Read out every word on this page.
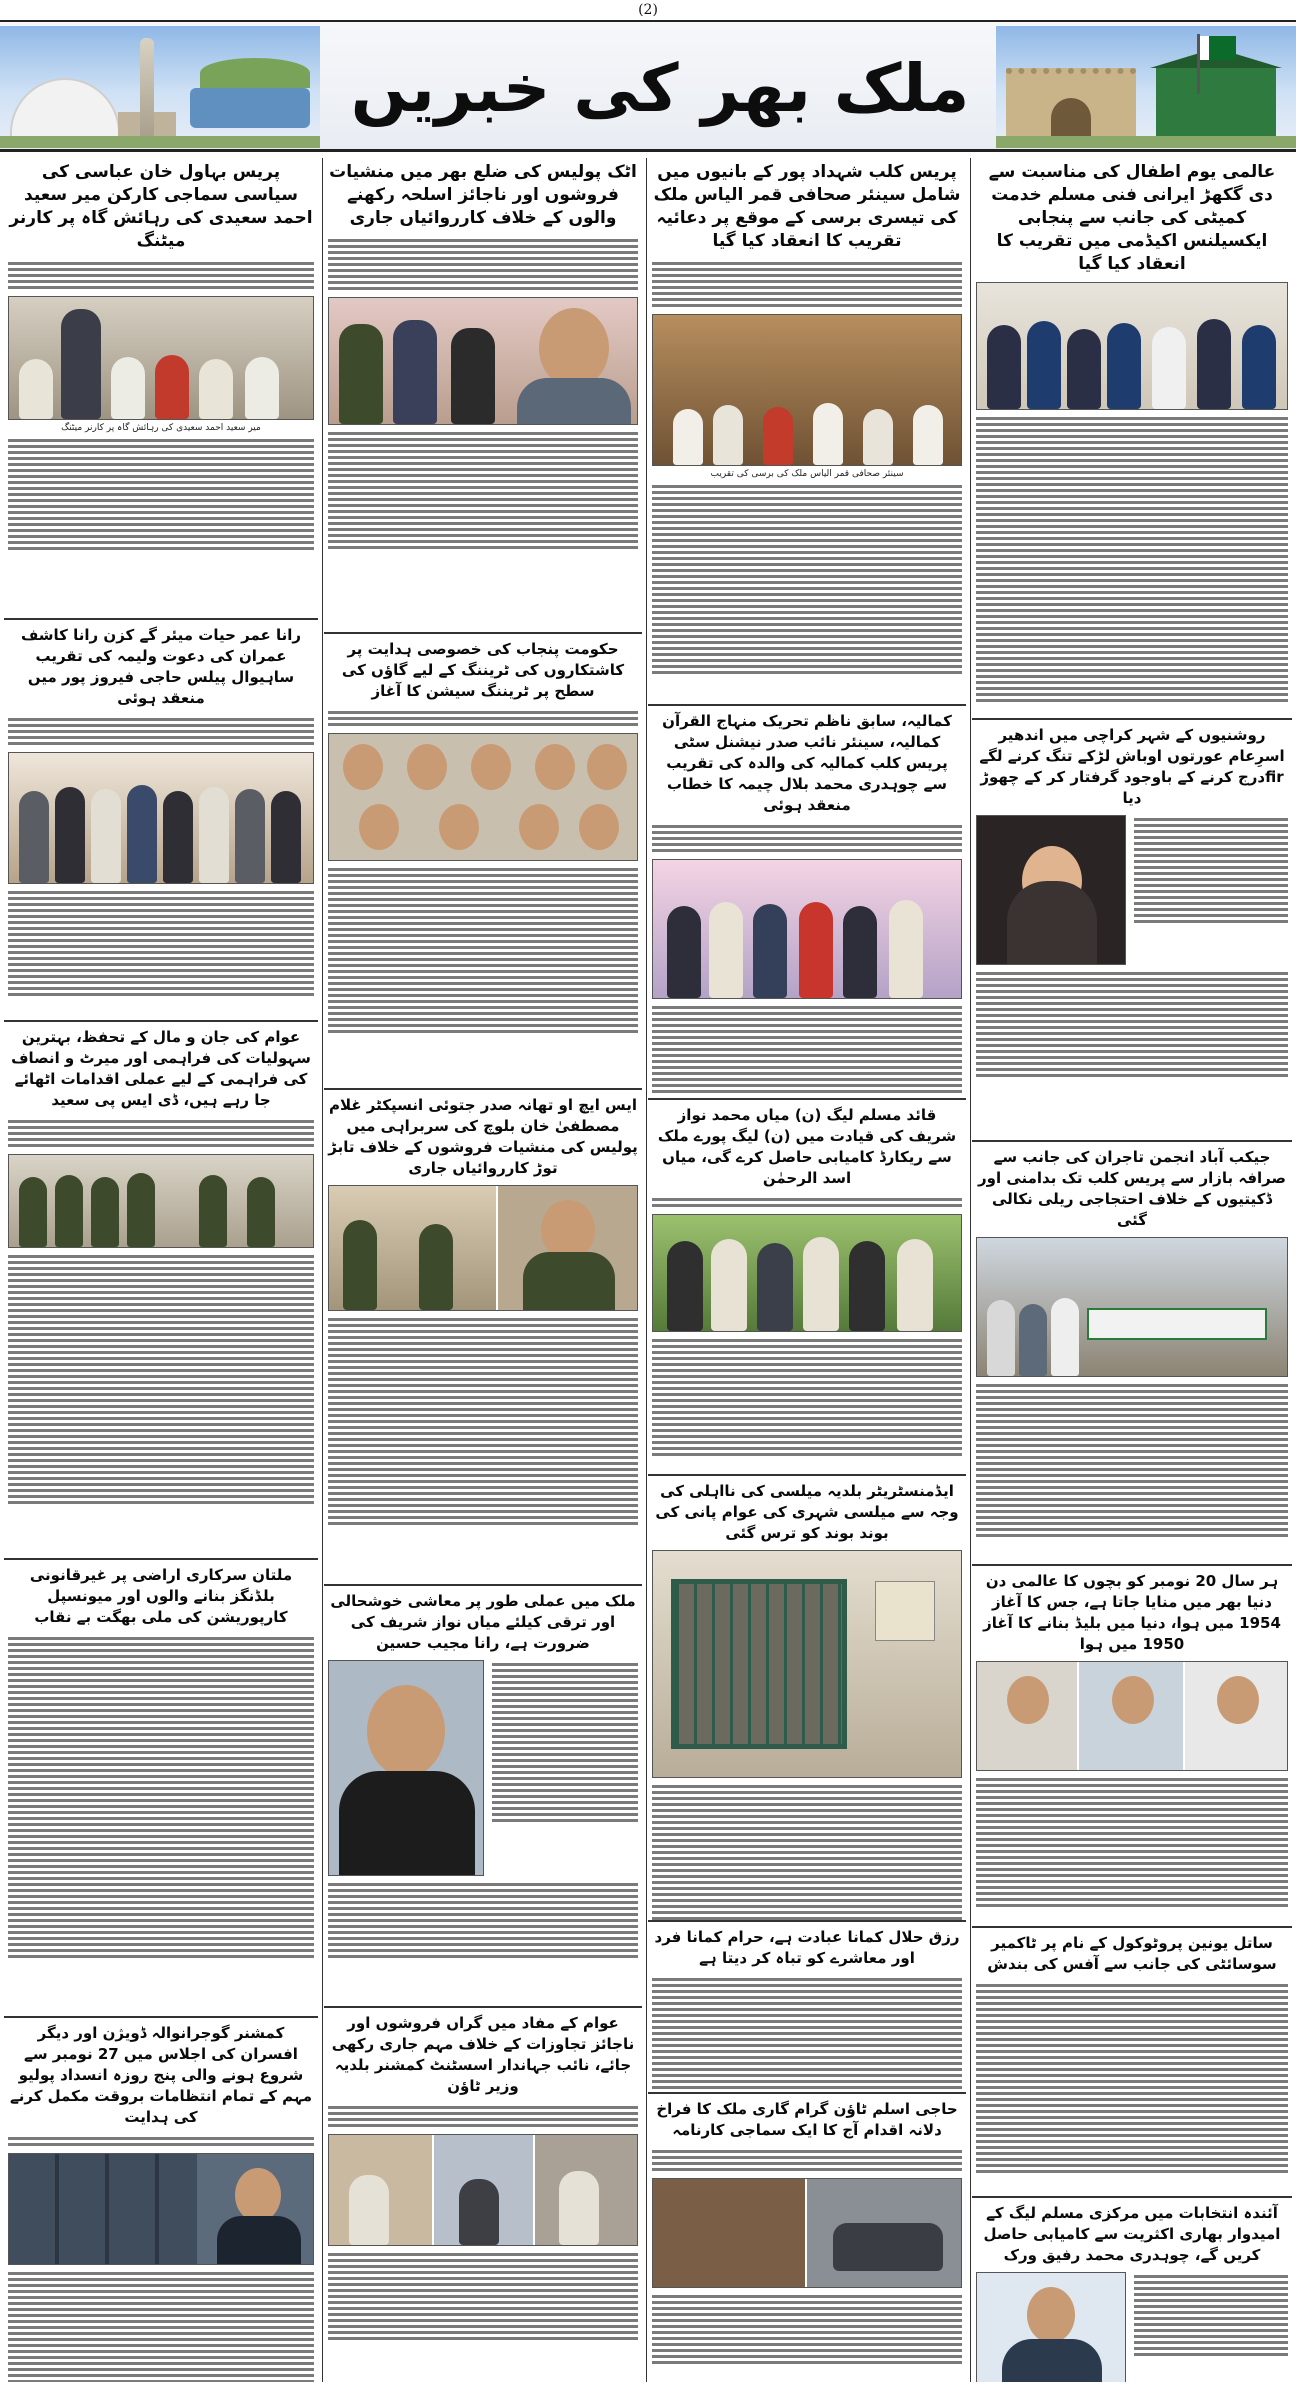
(2)
ملک بھر کی خبریں
عالمی یوم اطفال کی مناسبت سے دی گکھڑ ایرانی فنی مسلم خدمت کمیٹی کی جانب سے پنجابی ایکسیلنس اکیڈمی میں تقریب کا انعقاد کیا گیا
روشنیوں کے شہر کراچی میں اندھیر اسرِعام عورتوں اوباش لڑکے تنگ کرنے لگے firدرج کرنے کے باوجود گرفتار کر کے چھوڑ دیا
جیکب آباد انجمن تاجران کی جانب سے صرافہ بازار سے پریس کلب تک بدامنی اور ڈکیتیوں کے خلاف احتجاجی ریلی نکالی گئی
ہر سال 20 نومبر کو بچوں کا عالمی دن دنیا بھر میں منایا جاتا ہے، جس کا آغاز 1954 میں ہوا، دنیا میں بلیڈ بنانے کا آغاز 1950 میں ہوا
ساتل یونین پروٹوکول کے نام پر ٹاکمیر سوسائٹی کی جانب سے آفس کی بندش
آئندہ انتخابات میں مرکزی مسلم لیگ کے امیدوار بھاری اکثریت سے کامیابی حاصل کریں گے، چوہدری محمد رفیق ورک
پریس کلب شہداد پور کے بانیوں میں شامل سینئر صحافی قمر الیاس ملک کی تیسری برسی کے موقع پر دعائیہ تقریب کا انعقاد کیا گیا
سینئر صحافی قمر الیاس ملک کی برسی کی تقریب
کمالیہ، سابق ناظم تحریک منہاج القرآن کمالیہ، سینئر نائب صدر نیشنل سٹی پریس کلب کمالیہ کی والدہ کی تقریب سے چوہدری محمد بلال چیمہ کا خطاب منعقد ہوئی
قائد مسلم لیگ (ن) میاں محمد نواز شریف کی قیادت میں (ن) لیگ پورے ملک سے ریکارڈ کامیابی حاصل کرے گی، میاں اسد الرحمٰن
ایڈمنسٹریٹر بلدیہ میلسی کی نااہلی کی وجہ سے میلسی شہری کی عوام پانی کی بوند بوند کو ترس گئی
رزق حلال کمانا عبادت ہے، حرام کمانا فرد اور معاشرے کو تباہ کر دیتا ہے
حاجی اسلم ٹاؤن گرام گاری ملک کا فراخ دلانہ اقدام آج کا ایک سماجی کارنامہ
اٹک پولیس کی ضلع بھر میں منشیات فروشوں اور ناجائز اسلحہ رکھنے والوں کے خلاف کارروائیاں جاری
حکومت پنجاب کی خصوصی ہدایت پر کاشتکاروں کی ٹریننگ کے لیے گاؤں کی سطح پر ٹریننگ سیشن کا آغاز
ایس ایچ او تھانہ صدر جتوئی انسپکٹر غلام مصطفیٰ خان بلوچ کی سربراہی میں پولیس کی منشیات فروشوں کے خلاف تابڑ توڑ کارروائیاں جاری
ملک میں عملی طور پر معاشی خوشحالی اور ترقی کیلئے میاں نواز شریف کی ضرورت ہے، رانا مجیب حسین
عوام کے مفاد میں گراں فروشوں اور ناجائز تجاوزات کے خلاف مہم جاری رکھی جائے، نائب جہاندار اسسٹنٹ کمشنر بلدیہ وزیر ٹاؤن
پریس بہاول خان عباسی کی سیاسی سماجی کارکن میر سعید احمد سعیدی کی رہائش گاہ پر کارنر میٹنگ
میر سعید احمد سعیدی کی رہائش گاہ پر کارنر میٹنگ
رانا عمر حیات میئر گے کزن رانا کاشف عمران کی دعوت ولیمہ کی تقریب ساہیوال پیلس حاجی فیروز پور میں منعقد ہوئی
عوام کی جان و مال کے تحفظ، بہترین سہولیات کی فراہمی اور میرٹ و انصاف کی فراہمی کے لیے عملی اقدامات اٹھائے جا رہے ہیں، ڈی ایس پی سعید
ملتان سرکاری اراضی پر غیرقانونی بلڈنگز بنانے والوں اور میونسپل کارپوریشن کی ملی بھگت بے نقاب
کمشنر گوجرانوالہ ڈویژن اور دیگر افسران کی اجلاس میں 27 نومبر سے شروع ہونے والی پنج روزہ انسداد پولیو مہم کے تمام انتظامات بروقت مکمل کرنے کی ہدایت
